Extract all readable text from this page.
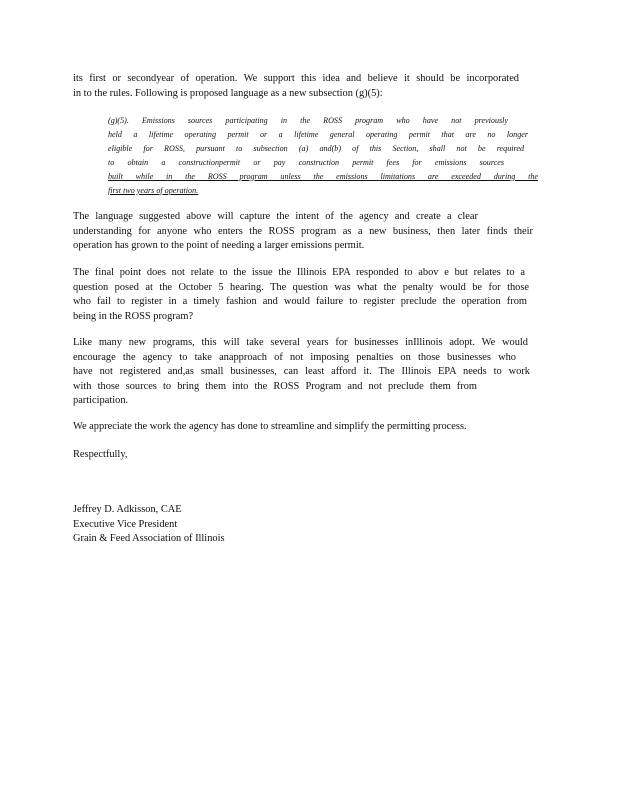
its first or secondyear of operation. We support this idea and believe it should be incorporated
in to the rules. Following is proposed language as a new subsection (g)(5):
(g)(5). Emissions sources participating in the ROSS program who have not previously
held a lifetime operating permit or a lifetime general operating permit that are no longer
eligible for ROSS, pursuant to subsection (a) and(b) of this Section, shall not be required
to obtain a constructionpermit or pay construction permit fees for emissions sources
built while in the ROSS program unless the emissions limitations are exceeded during the
first two years of operation.
The language suggested above will capture the intent of the agency and create a clear
understanding for anyone who enters the ROSS program as a new business, then later finds their
operation has grown to the point of needing a larger emissions permit.
The final point does not relate to the issue the Illinois EPA responded to abov e but relates to a
question posed at the October 5 hearing. The question was what the penalty would be for those
who fail to register in a timely fashion and would failure to register preclude the operation from
being in the ROSS program?
Like many new programs, this will take several years for businesses inIllinois adopt. We would
encourage the agency to take anapproach of not imposing penalties on those businesses who
have not registered and,as small businesses, can least afford it. The Illinois EPA needs to work
with those sources to bring them into the ROSS Program and not preclude them from
participation.
We appreciate the work the agency has done to streamline and simplify the permitting process.
Respectfully,
Jeffrey D. Adkisson, CAE
Executive Vice President
Grain & Feed Association of Illinois
